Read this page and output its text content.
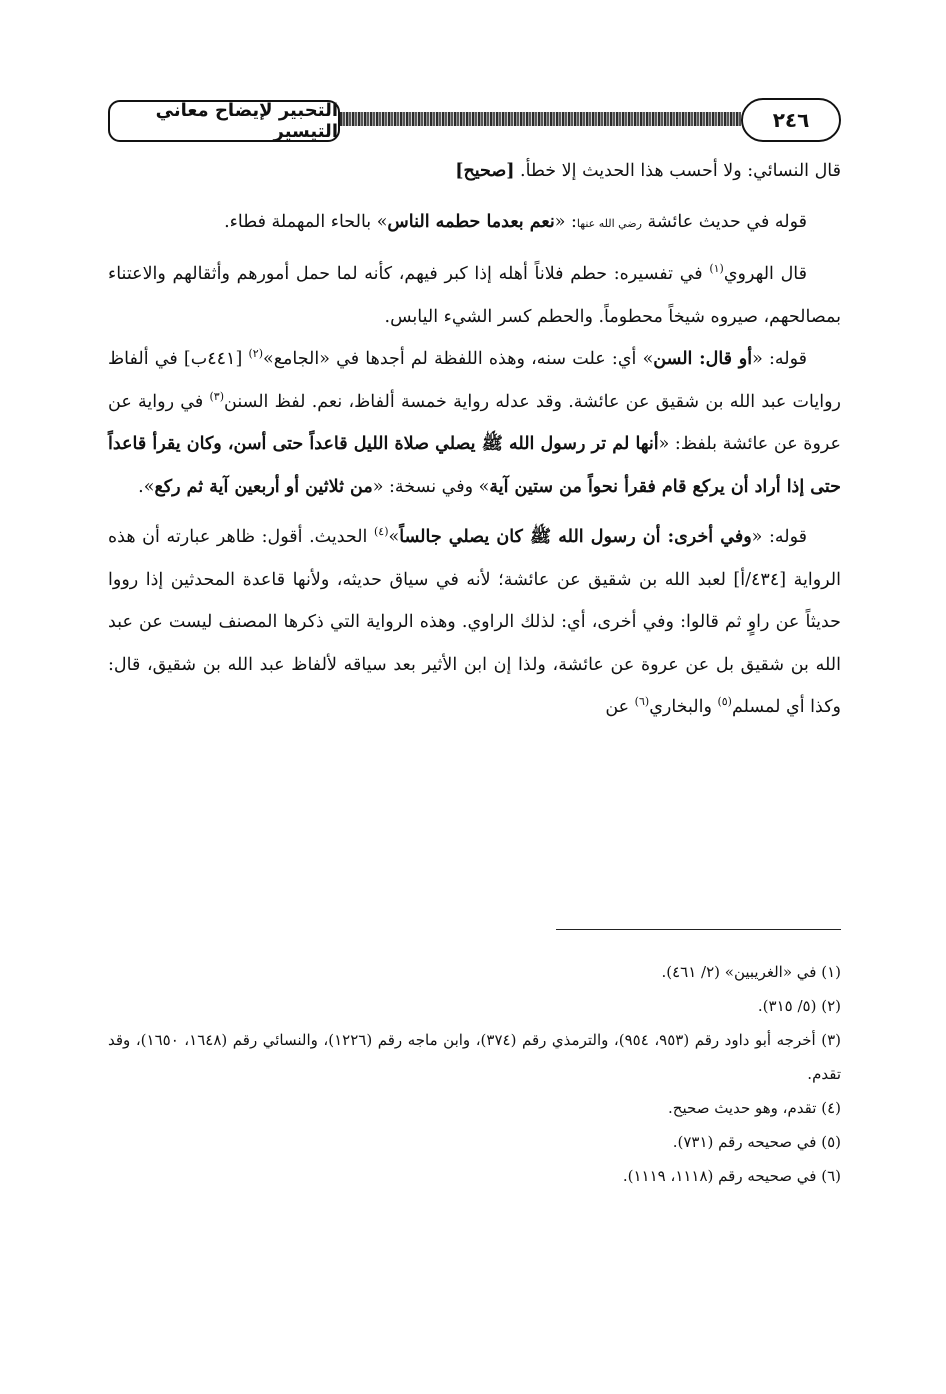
٢٤٦
التحبير لإيضاح معاني التيسير

قال النسائي: ولا أحسب هذا الحديث إلا خطأ. [صحيح]

قوله في حديث عائشة رضي الله عنها: «نعم بعدما حطمه الناس» بالحاء المهملة فطاء.

قال الهروي$^{(١)}$ في تفسيره: حطم فلاناً أهله إذا كبر فيهم، كأنه لما حمل أمورهم وأثقالهم والاعتناء بمصالحهم، صيروه شيخاً محطوماً. والحطم كسر الشيء اليابس.

قوله: «أو قال: السن» أي: علت سنه، وهذه اللفظة لم أجدها في «الجامع»$^{(٢)}$ [٤٤١ب] في ألفاظ روايات عبد الله بن شقيق عن عائشة. وقد عدله رواية خمسة ألفاظ، نعم. لفظ السنن$^{(٣)}$ في رواية عن عروة عن عائشة بلفظ: «أنها لم تر رسول الله ﷺ يصلي صلاة الليل قاعداً حتى أسن، وكان يقرأ قاعداً حتى إذا أراد أن يركع قام فقرأ نحواً من ستين آية» وفي نسخة: «من ثلاثين أو أربعين آية ثم ركع».

قوله: «وفي أخرى: أن رسول الله ﷺ كان يصلي جالساً»$^{(٤)}$ الحديث. أقول: ظاهر عبارته أن هذه الرواية [٤٣٤/أ] لعبد الله بن شقيق عن عائشة؛ لأنه في سياق حديثه، ولأنها قاعدة المحدثين إذا رووا حديثاً عن راوٍ ثم قالوا: وفي أخرى، أي: لذلك الراوي. وهذه الرواية التي ذكرها المصنف ليست عن عبد الله بن شقيق بل عن عروة عن عائشة، ولذا إن ابن الأثير بعد سياقه لألفاظ عبد الله بن شقيق، قال: وكذا أي لمسلم$^{(٥)}$ والبخاري$^{(٦)}$ عن

(١) في «الغريبين» (٢/ ٤٦١).

(٢) (٥/ ٣١٥).

(٣) أخرجه أبو داود رقم (٩٥٣، ٩٥٤)، والترمذي رقم (٣٧٤)، وابن ماجه رقم (١٢٢٦)، والنسائي رقم (١٦٤٨، ١٦٥٠)، وقد تقدم.

(٤) تقدم، وهو حديث صحيح.

(٥) في صحيحه رقم (٧٣١).

(٦) في صحيحه رقم (١١١٨، ١١١٩).
